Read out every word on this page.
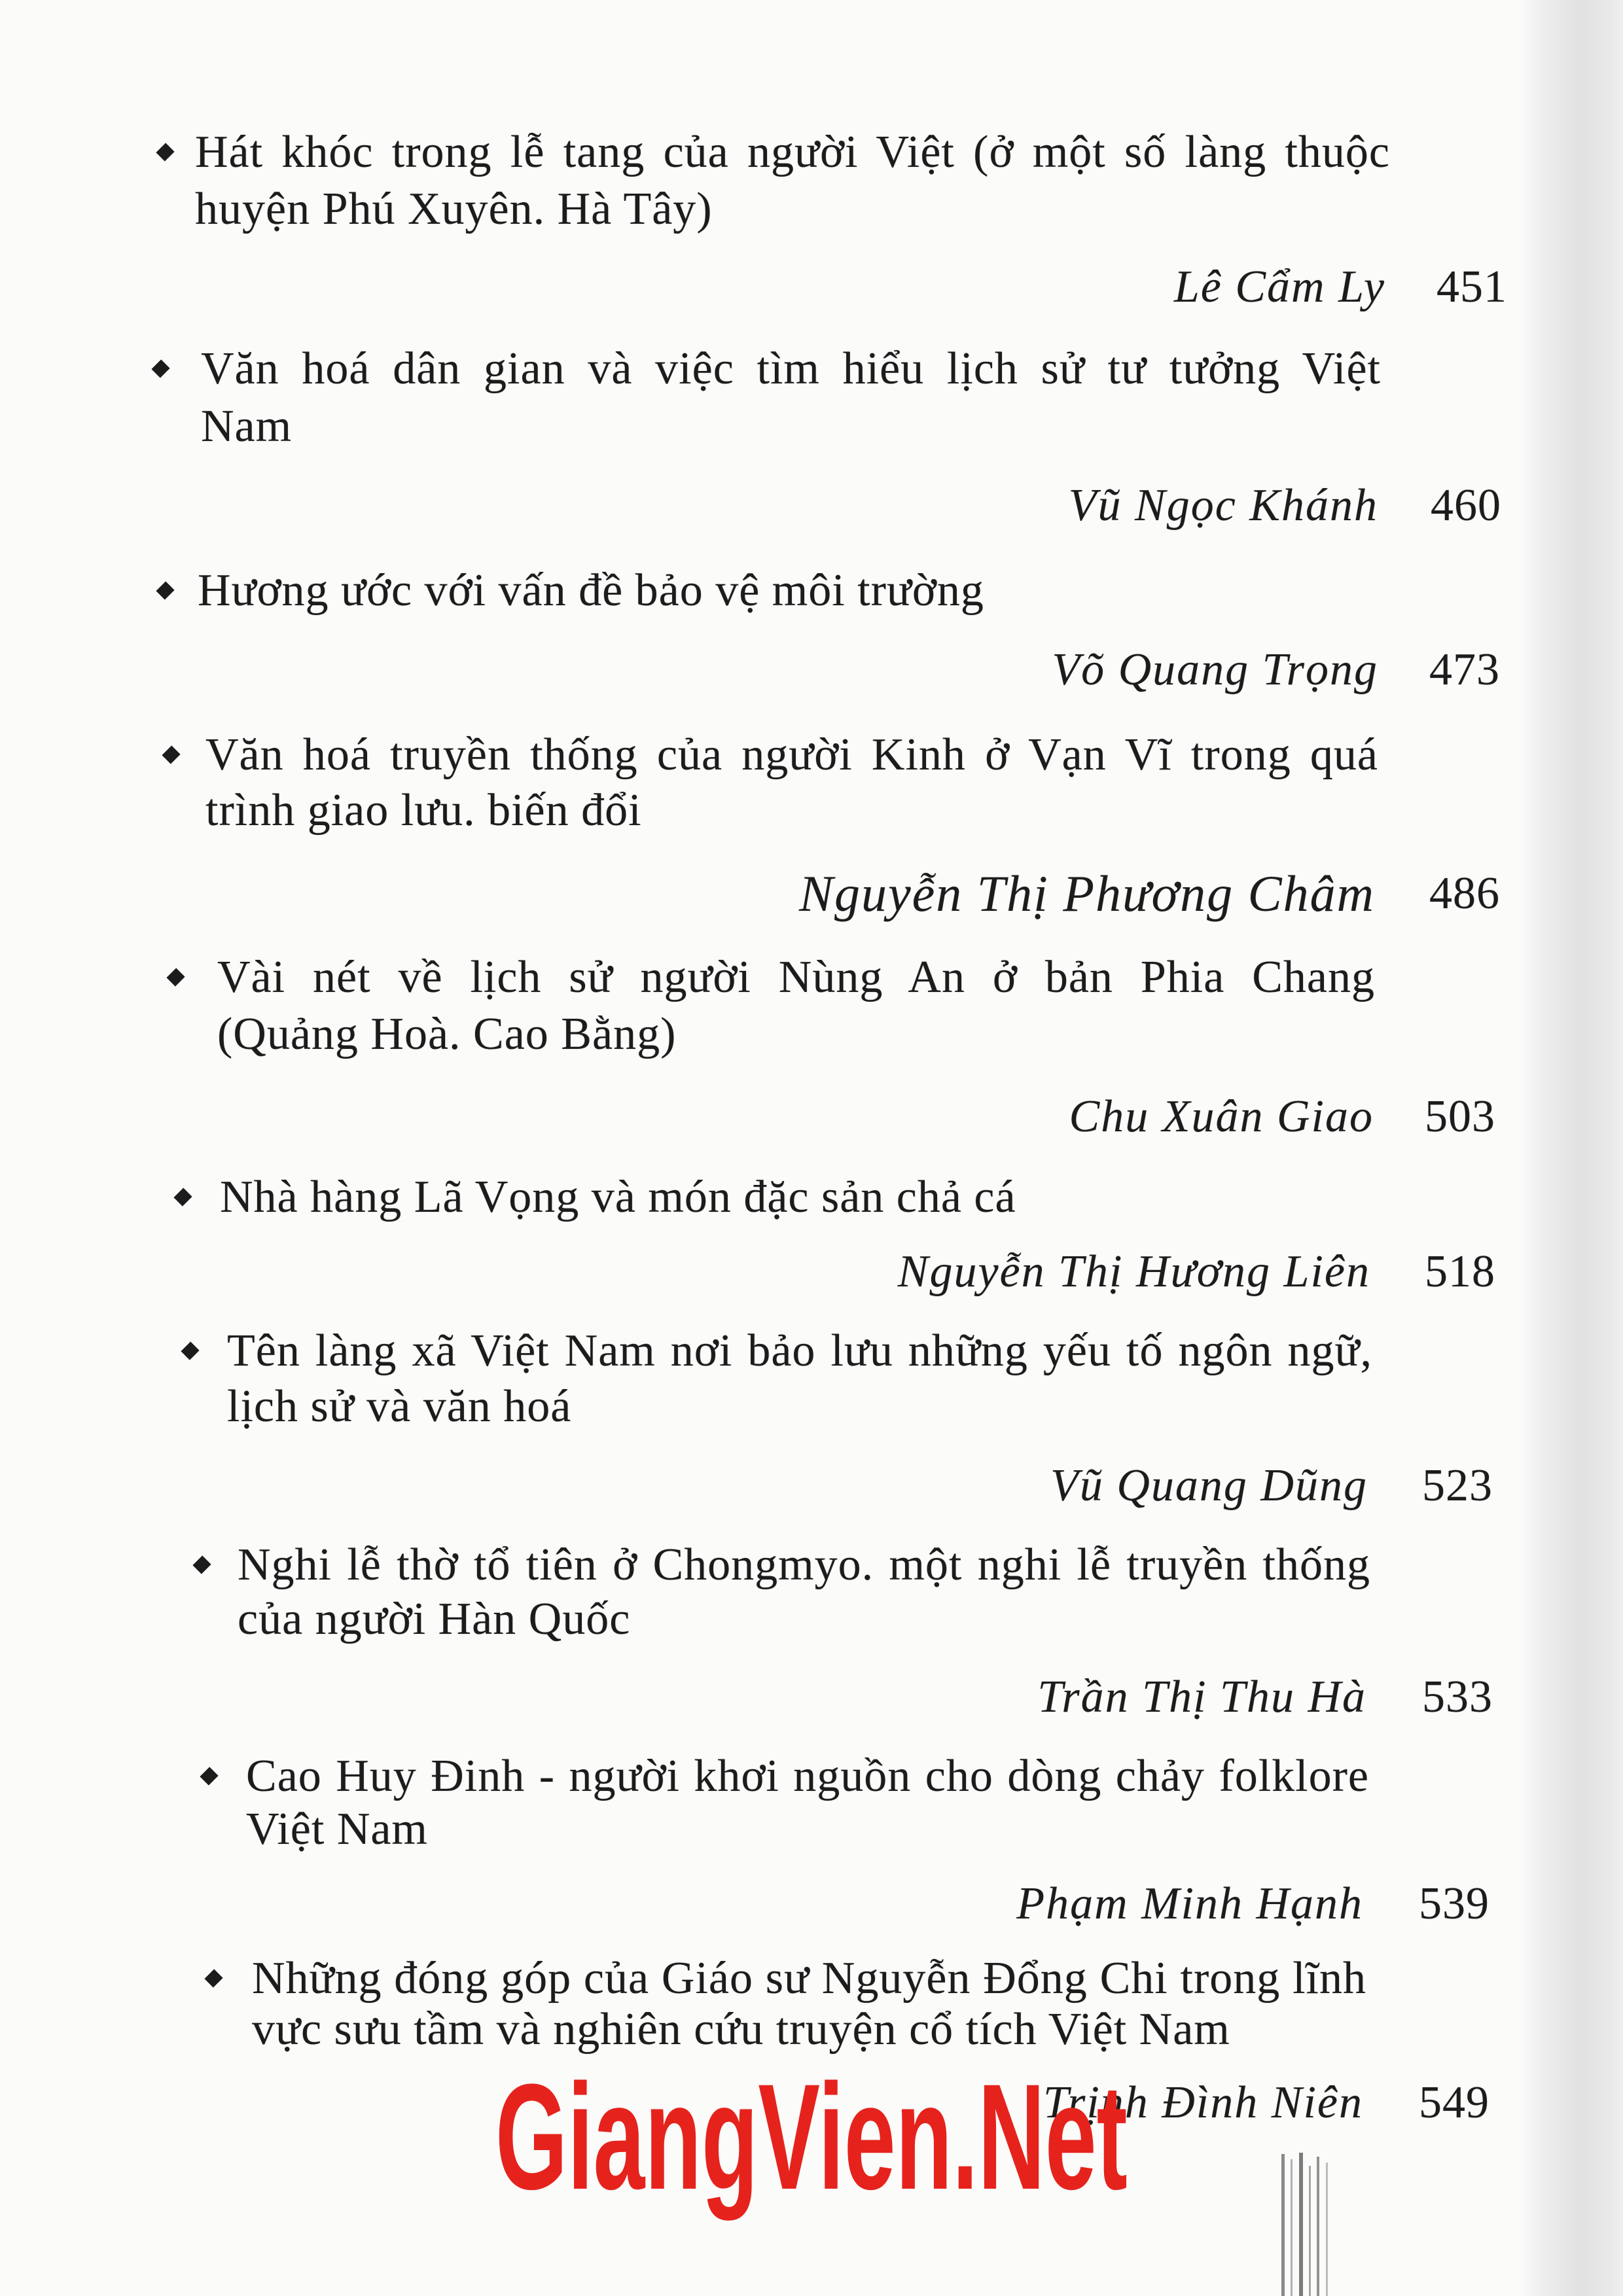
Hát khóc trong lễ tang của người Việt (ở một số làng thuộc
huyện Phú Xuyên. Hà Tây)
Lê Cẩm Ly 451
Văn hoá dân gian và việc tìm hiểu lịch sử tư tưởng Việt
Nam
Vũ Ngọc Khánh 460
Hương ước với vấn đề bảo vệ môi trường
Võ Quang Trọng 473
Văn hoá truyền thống của người Kinh ở Vạn Vĩ trong quá
trình giao lưu. biến đổi
Nguyễn Thị Phương Châm 486
Vài nét về lịch sử người Nùng An ở bản Phia Chang
(Quảng Hoà. Cao Bằng)
Chu Xuân Giao 503
Nhà hàng Lã Vọng và món đặc sản chả cá
Nguyễn Thị Hương Liên 518
Tên làng xã Việt Nam nơi bảo lưu những yếu tố ngôn ngữ,
lịch sử và văn hoá
Vũ Quang Dũng 523
Nghi lễ thờ tổ tiên ở Chongmyo. một nghi lễ truyền thống
của người Hàn Quốc
Trần Thị Thu Hà 533
Cao Huy Đinh - người khơi nguồn cho dòng chảy folklore
Việt Nam
Phạm Minh Hạnh 539
Những đóng góp của Giáo sư Nguyễn Đổng Chi trong lĩnh
vực sưu tầm và nghiên cứu truyện cổ tích Việt Nam
Trịnh Đình Niên 549
GiangVien.Net
